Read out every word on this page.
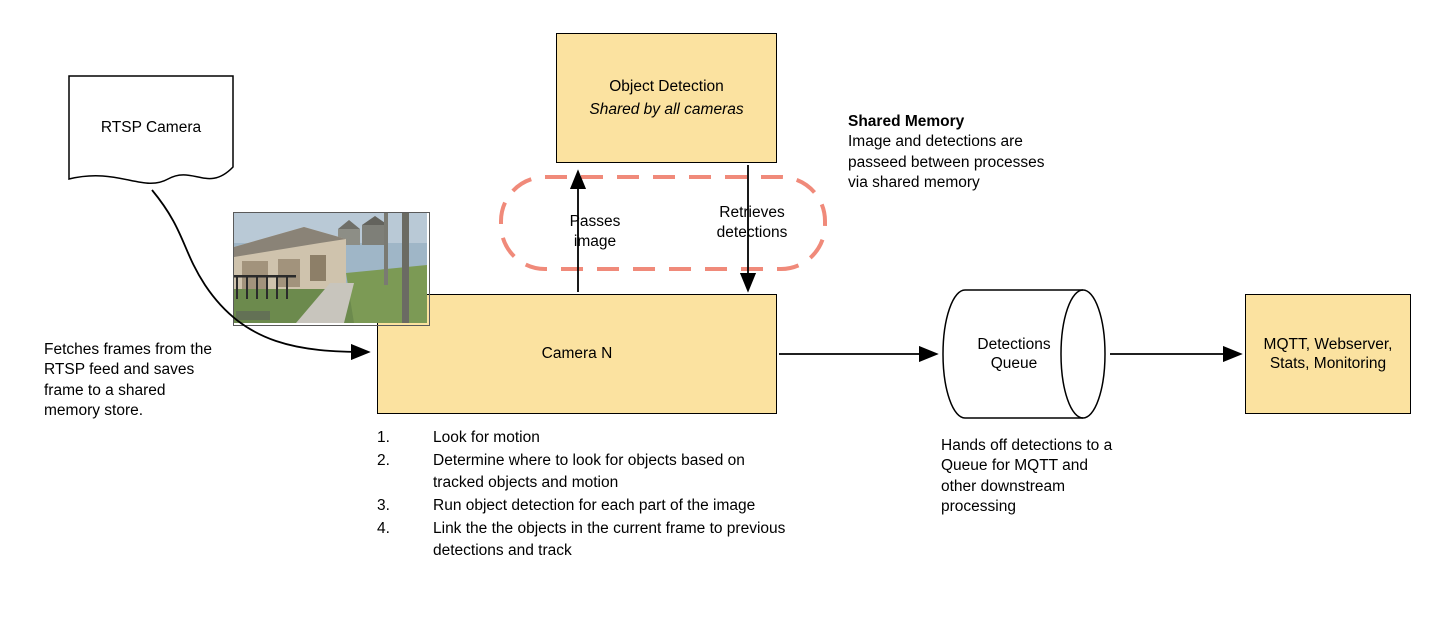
RTSP Camera
Object Detection
Shared by all cameras
Camera N
Detections
Queue
MQTT, Webserver,
Stats, Monitoring
Passes
image
Retrieves
detections
Shared Memory
Image and detections are passeed between processes via shared memory
Fetches frames from the RTSP feed and saves frame to a shared memory store.
Hands off detections to a Queue for MQTT and other downstream processing
1.	Look for motion
2.	Determine where to look for objects based on tracked objects and motion
3.	Run object detection for each part of the image
4.	Link the the objects in the current frame to previous detections and track
